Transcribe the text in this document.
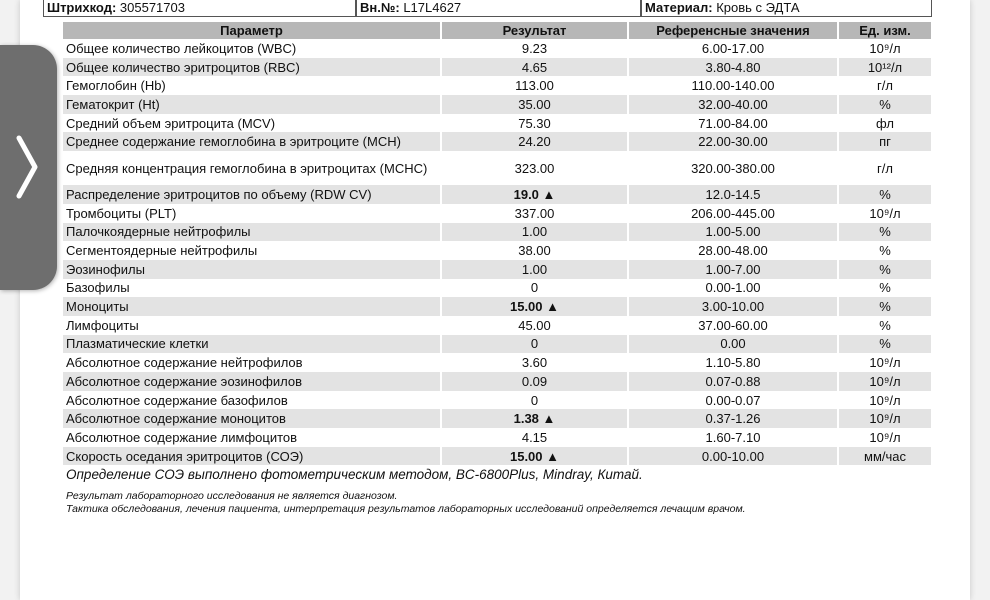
Штрихкод: 305571703	Вн.№: L17L4627	Материал: Кровь с ЭДТА
Параметр	Результат	Референсные значения	Ед. изм.
Общее количество лейкоцитов (WBC)	9.23	6.00-17.00	10⁹/л
Общее количество эритроцитов (RBC)	4.65	3.80-4.80	10¹²/л
Гемоглобин (Hb)	113.00	110.00-140.00	г/л
Гематокрит (Ht)	35.00	32.00-40.00	%
Средний объем эритроцита (MCV)	75.30	71.00-84.00	фл
Среднее содержание гемоглобина в эритроците (MCH)	24.20	22.00-30.00	пг
Средняя концентрация гемоглобина в эритроцитах (MCHC)	323.00	320.00-380.00	г/л
Распределение эритроцитов по объему (RDW CV)	19.0 ▲	12.0-14.5	%
Тромбоциты (PLT)	337.00	206.00-445.00	10⁹/л
Палочкоядерные нейтрофилы	1.00	1.00-5.00	%
Сегментоядерные нейтрофилы	38.00	28.00-48.00	%
Эозинофилы	1.00	1.00-7.00	%
Базофилы	0	0.00-1.00	%
Моноциты	15.00 ▲	3.00-10.00	%
Лимфоциты	45.00	37.00-60.00	%
Плазматические клетки	0	0.00	%
Абсолютное содержание нейтрофилов	3.60	1.10-5.80	10⁹/л
Абсолютное содержание эозинофилов	0.09	0.07-0.88	10⁹/л
Абсолютное содержание базофилов	0	0.00-0.07	10⁹/л
Абсолютное содержание моноцитов	1.38 ▲	0.37-1.26	10⁹/л
Абсолютное содержание лимфоцитов	4.15	1.60-7.10	10⁹/л
Скорость оседания эритроцитов (СОЭ)	15.00 ▲	0.00-10.00	мм/час
Определение СОЭ выполнено фотометрическим методом, BC-6800Plus, Mindray, Китай.
Результат лабораторного исследования не является диагнозом.
Тактика обследования, лечения пациента, интерпретация результатов лабораторных исследований определяется лечащим врачом.
